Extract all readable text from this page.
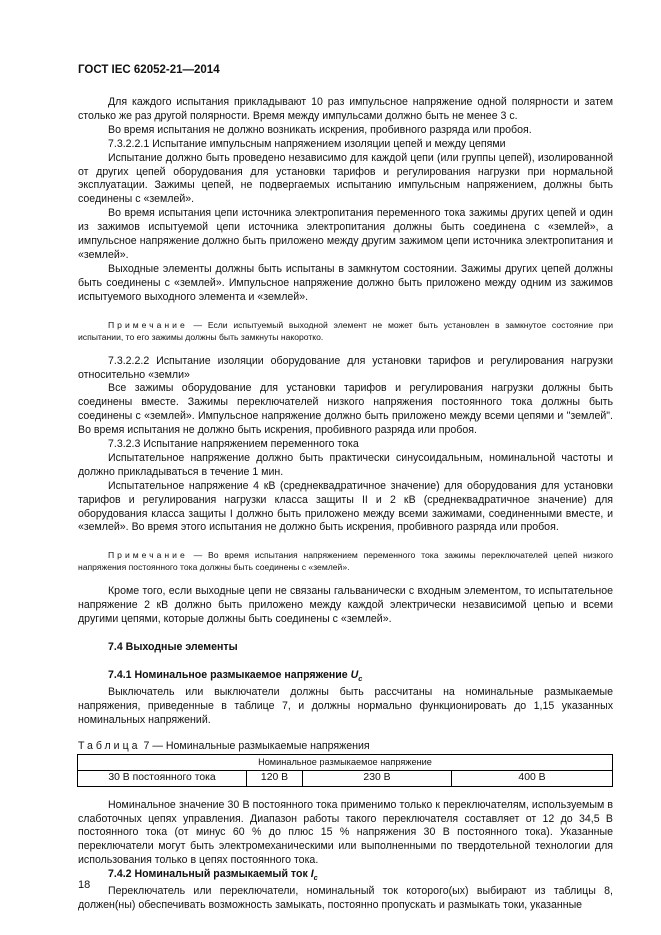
ГОСТ IEC 62052-21—2014

Для каждого испытания прикладывают 10 раз импульсное напряжение одной полярности и затем столько же раз другой полярности. Время между импульсами должно быть не менее 3 с.

Во время испытания не должно возникать искрения, пробивного разряда или пробоя.

7.3.2.2.1 Испытание импульсным напряжением изоляции цепей и между цепями

Испытание должно быть проведено независимо для каждой цепи (или группы цепей), изолированной от других цепей оборудования для установки тарифов и регулирования нагрузки при нормальной эксплуатации. Зажимы цепей, не подвергаемых испытанию импульсным напряжением, должны быть соединены с «землей».

Во время испытания цепи источника электропитания переменного тока зажимы других цепей и один из зажимов испытуемой цепи источника электропитания должны быть соединена с «землей», а импульсное напряжение должно быть приложено между другим зажимом цепи источника электропитания и «землей».

Выходные элементы должны быть испытаны в замкнутом состоянии. Зажимы других цепей должны быть соединены с «землей». Импульсное напряжение должно быть приложено между одним из зажимов испытуемого выходного элемента и «землей».

Примечание — Если испытуемый выходной элемент не может быть установлен в замкнутое состояние при испытании, то его зажимы должны быть замкнуты накоротко.

7.3.2.2.2 Испытание изоляции оборудование для установки тарифов и регулирования нагрузки относительно «земли»

Все зажимы оборудование для установки тарифов и регулирования нагрузки должны быть соединены вместе. Зажимы переключателей низкого напряжения постоянного тока должны быть соединены с «землей». Импульсное напряжение должно быть приложено между всеми цепями и "землей". Во время испытания не должно быть искрения, пробивного разряда или пробоя.

7.3.2.3 Испытание напряжением переменного тока

Испытательное напряжение должно быть практически синусоидальным, номинальной частоты и должно прикладываться в течение 1 мин.

Испытательное напряжение 4 кВ (среднеквадратичное значение) для оборудования для установки тарифов и регулирования нагрузки класса защиты II и 2 кВ (среднеквадратичное значение) для оборудования класса защиты I должно быть приложено между всеми зажимами, соединенными вместе, и «землей». Во время этого испытания не должно быть искрения, пробивного разряда или пробоя.

Примечание — Во время испытания напряжением переменного тока зажимы переключателей цепей низкого напряжения постоянного тока должны быть соединены с «землей».

Кроме того, если выходные цепи не связаны гальванически с входным элементом, то испытательное напряжение 2 кВ должно быть приложено между каждой электрически независимой цепью и всеми другими цепями, которые должны быть соединены с «землей».

7.4 Выходные элементы

7.4.1 Номинальное размыкаемое напряжение $U_c$

Выключатель или выключатели должны быть рассчитаны на номинальные размыкаемые напряжения, приведенные в таблице 7, и должны нормально функционировать до 1,15 указанных номинальных напряжений.

Таблица 7 — Номинальные размыкаемые напряжения

Номинальное размыкаемое напряжение
30 В постоянного тока	120 В	230 В	400 В

Номинальное значение 30 В постоянного тока применимо только к переключателям, используемым в слаботочных цепях управления. Диапазон работы такого переключателя составляет от 12 до 34,5 В постоянного тока (от минус 60 % до плюс 15 % напряжения 30 В постоянного тока). Указанные переключатели могут быть электромеханическими или выполненными по твердотельной технологии для использования только в цепях постоянного тока.

7.4.2 Номинальный размыкаемый ток $I_c$

Переключатель или переключатели, номинальный ток которого(ых) выбирают из таблицы 8, должен(ны) обеспечивать возможность замыкать, постоянно пропускать и размыкать токи, указанные

18
